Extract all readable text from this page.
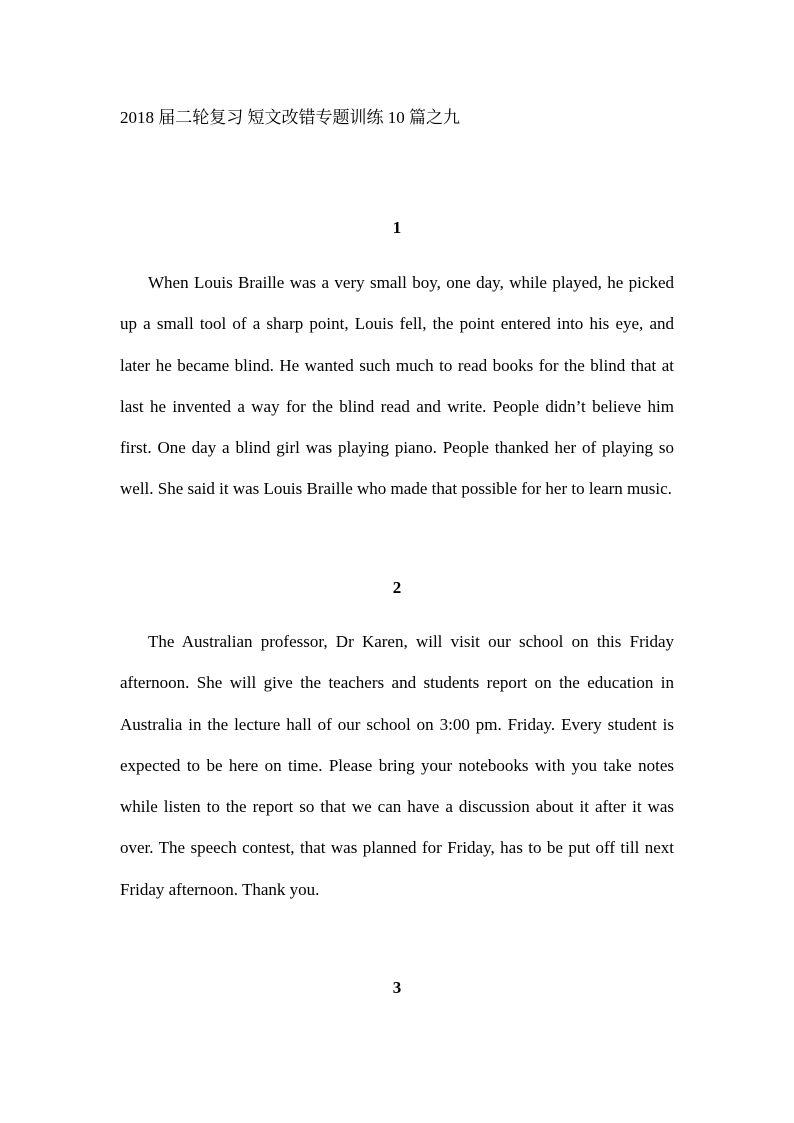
2018 届二轮复习 短文改错专题训练 10 篇之九
1

When Louis Braille was a very small boy, one day, while played, he picked up a small tool of a sharp point, Louis fell, the point entered into his eye, and later he became blind. He wanted such much to read books for the blind that at last he invented a way for the blind read and write. People didn’t believe him first. One day a blind girl was playing piano. People thanked her of playing so well. She said it was Louis Braille who made that possible for her to learn music.

2

The Australian professor, Dr Karen, will visit our school on this Friday afternoon. She will give the teachers and students report on the education in Australia in the lecture hall of our school on 3:00 pm. Friday. Every student is expected to be here on time. Please bring your notebooks with you take notes while listen to the report so that we can have a discussion about it after it was over. The speech contest, that was planned for Friday, has to be put off till next Friday afternoon. Thank you.

3
